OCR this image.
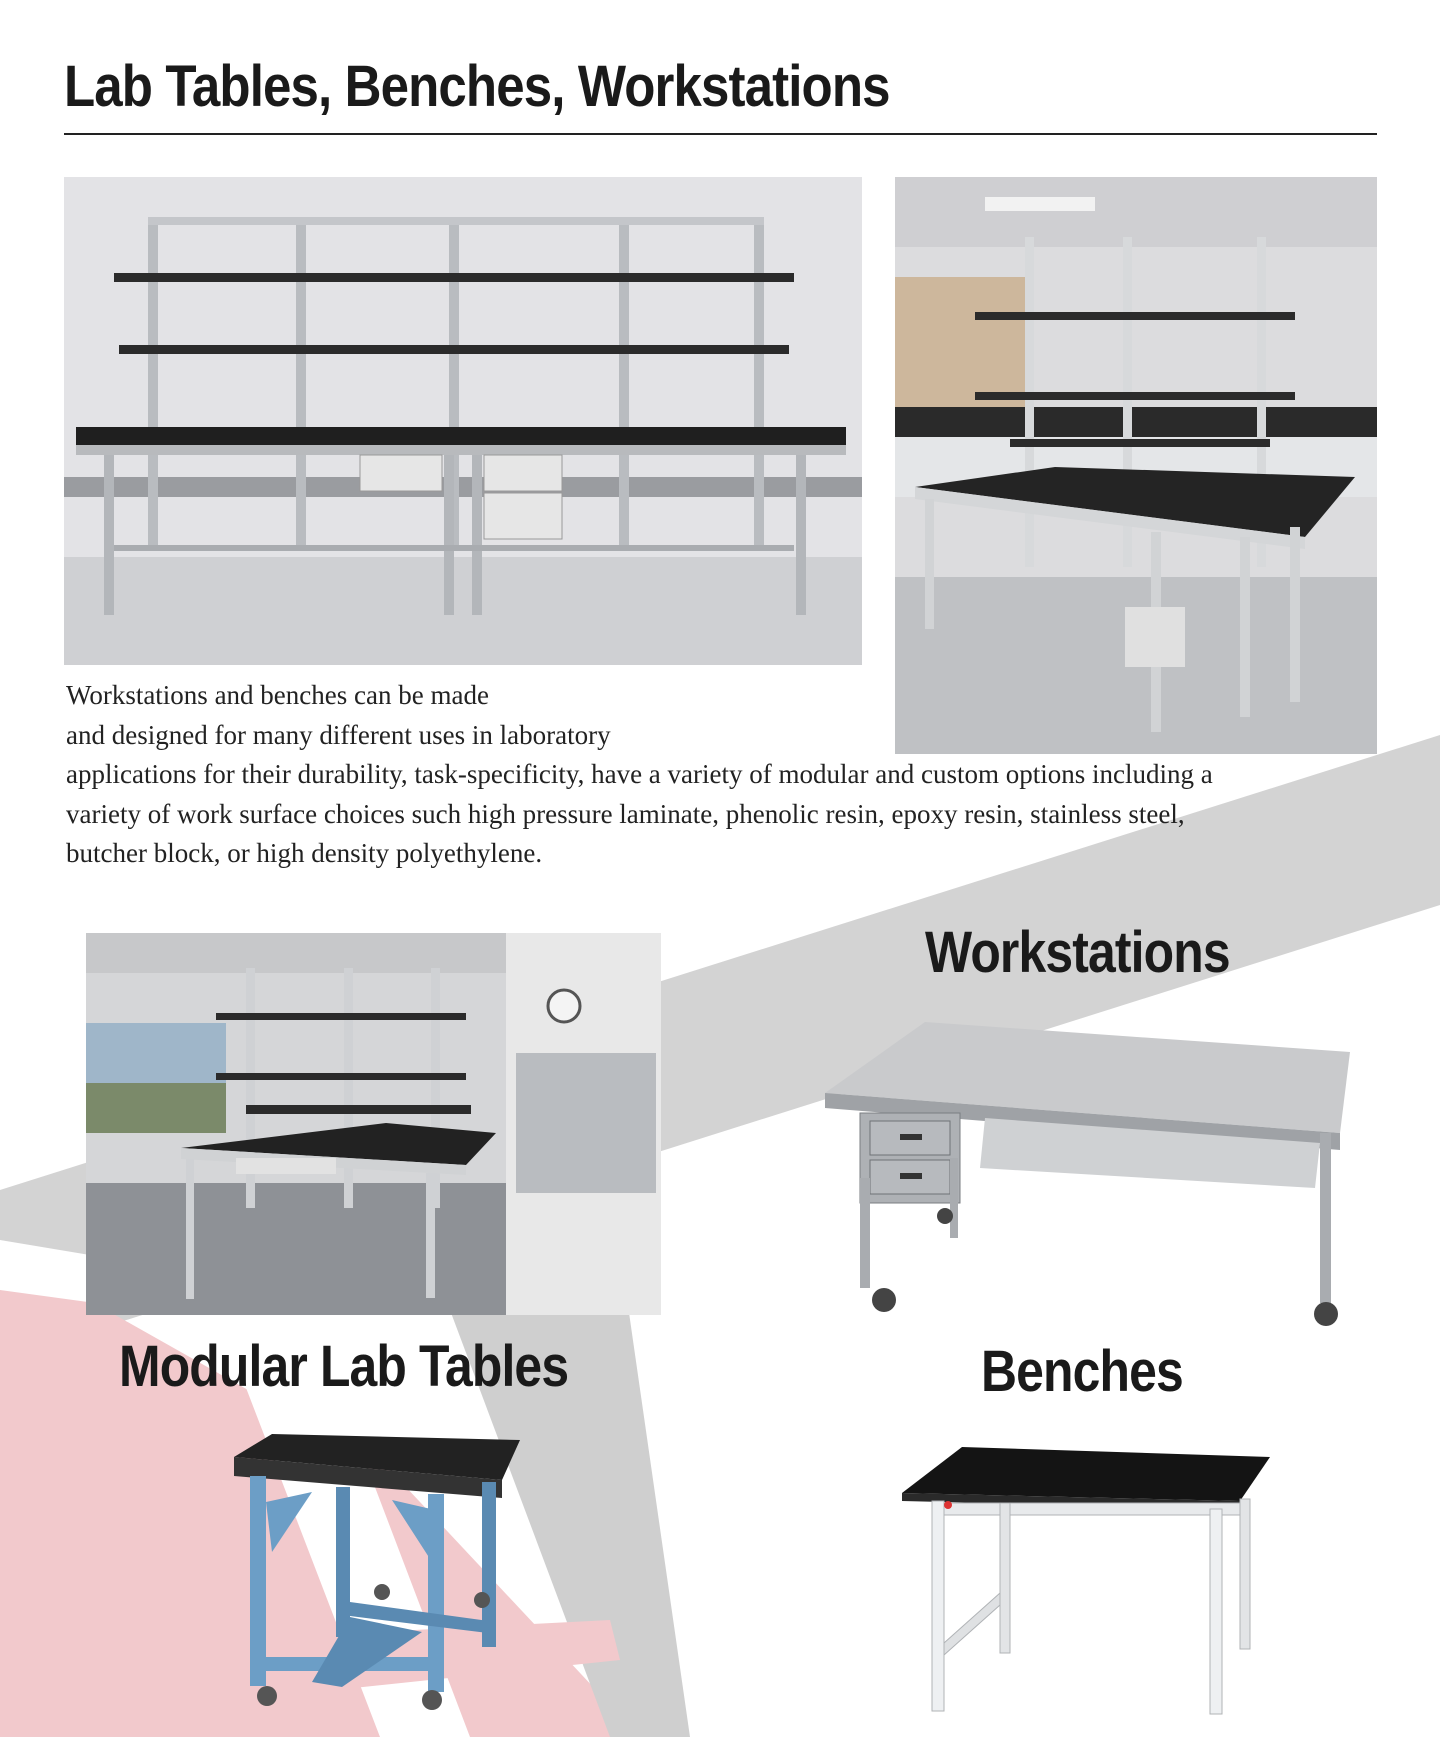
Lab Tables, Benches, Workstations

Workstations and benches can be made
and designed for many different uses in laboratory
applications for their durability, task-specificity, have a variety of modular and custom options including a
variety of work surface choices such high pressure laminate, phenolic resin, epoxy resin, stainless steel,
butcher block, or high density polyethylene.

Workstations
Modular Lab Tables	Benches
